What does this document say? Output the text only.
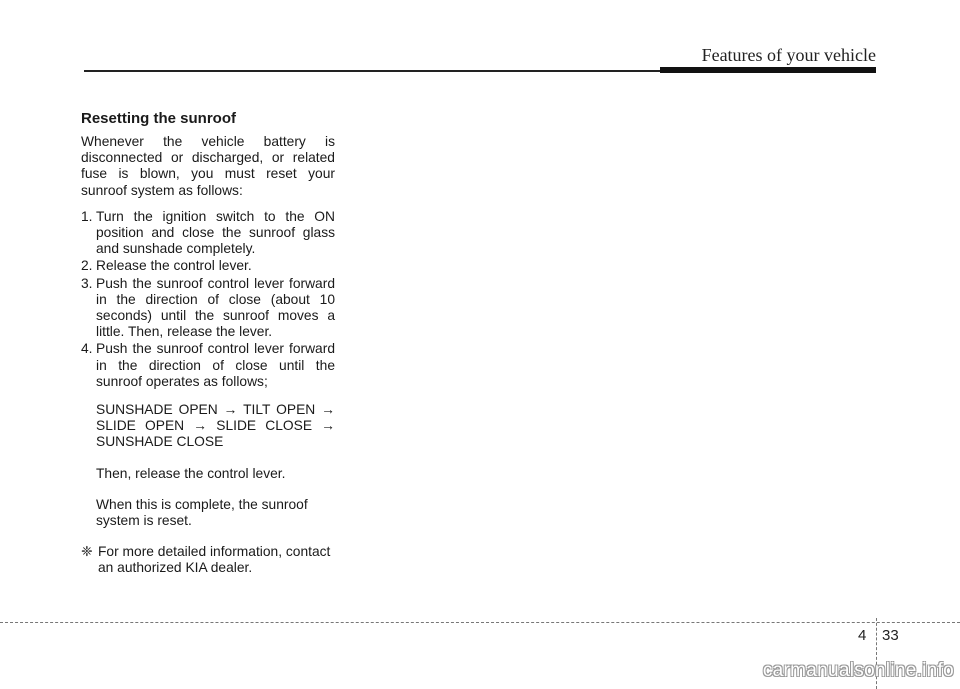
Features of your vehicle
Resetting the sunroof

Whenever the vehicle battery is disconnected or discharged, or related fuse is blown, you must reset your sunroof system as follows:

1. Turn the ignition switch to the ON position and close the sunroof glass and sunshade completely.
2. Release the control lever.
3. Push the sunroof control lever forward in the direction of close (about 10 seconds) until the sunroof moves a little. Then, release the lever.
4. Push the sunroof control lever forward in the direction of close until the sunroof operates as follows;
SUNSHADE OPEN → TILT OPEN → SLIDE OPEN → SLIDE CLOSE → SUNSHADE CLOSE
Then, release the control lever.
When this is complete, the sunroof system is reset.

❈ For more detailed information, contact an authorized KIA dealer.

4 33
carmanualsonline.info
